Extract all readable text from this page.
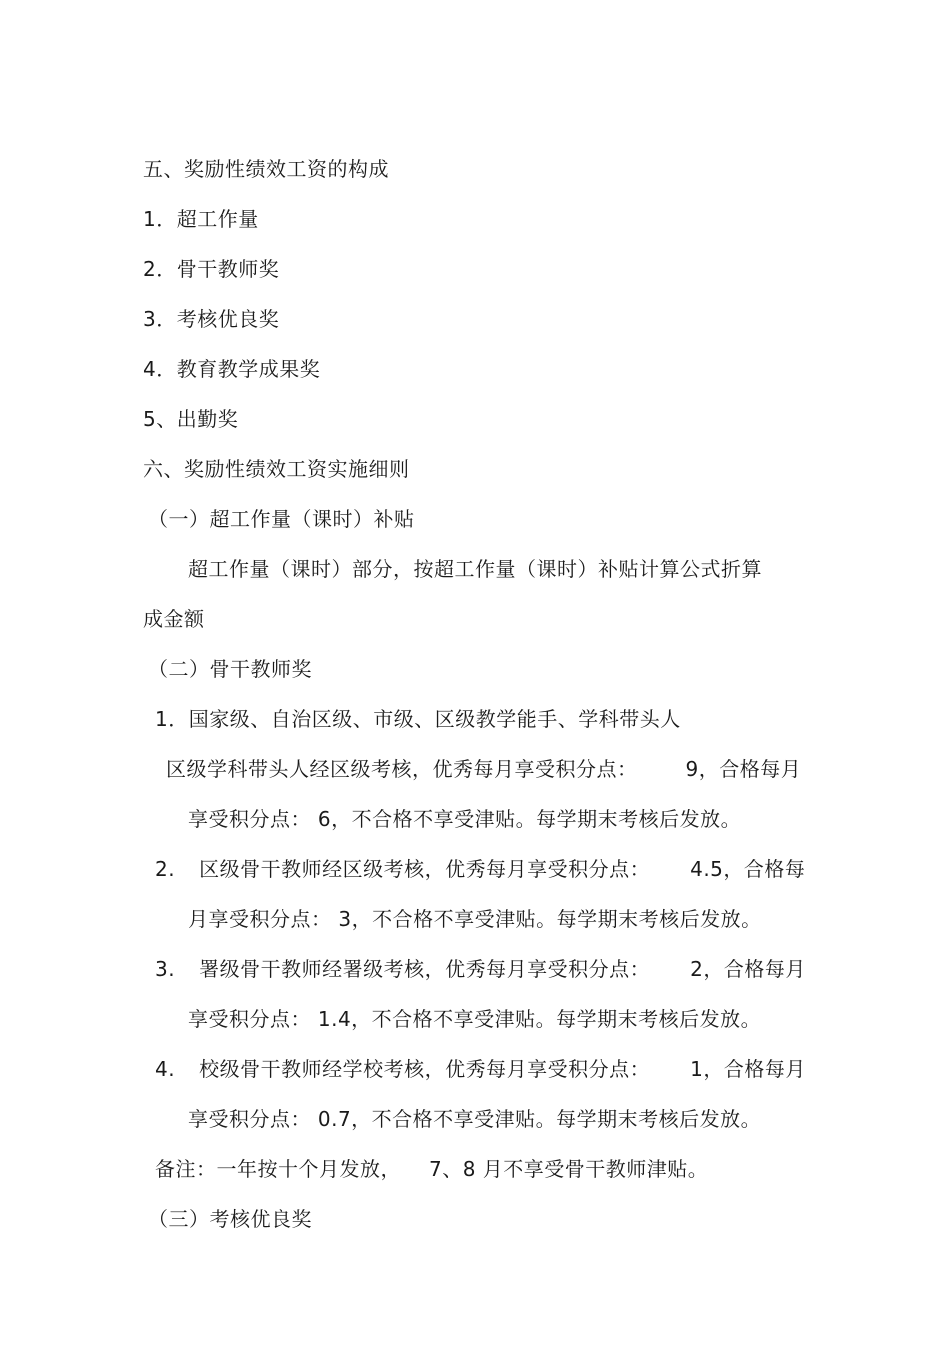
五、奖励性绩效工资的构成
1．超工作量
2．骨干教师奖
3．考核优良奖
4．教育教学成果奖
5、出勤奖
六、奖励性绩效工资实施细则
（一）超工作量（课时）补贴
超工作量（课时）部分，按超工作量（课时）补贴计算公式折算
成金额
（二）骨干教师奖
1．国家级、自治区级、市级、区级教学能手、学科带头人
区级学科带头人经区级考核，优秀每月享受积分点： 9，合格每月
享受积分点： 6，不合格不享受津贴。每学期末考核后发放。
2. 区级骨干教师经区级考核，优秀每月享受积分点： 4.5，合格每
月享受积分点： 3，不合格不享受津贴。每学期末考核后发放。
3. 署级骨干教师经署级考核，优秀每月享受积分点： 2，合格每月
享受积分点： 1.4，不合格不享受津贴。每学期末考核后发放。
4. 校级骨干教师经学校考核，优秀每月享受积分点： 1，合格每月
享受积分点： 0.7，不合格不享受津贴。每学期末考核后发放。
备注：一年按十个月发放， 7、8 月不享受骨干教师津贴。
（三）考核优良奖
